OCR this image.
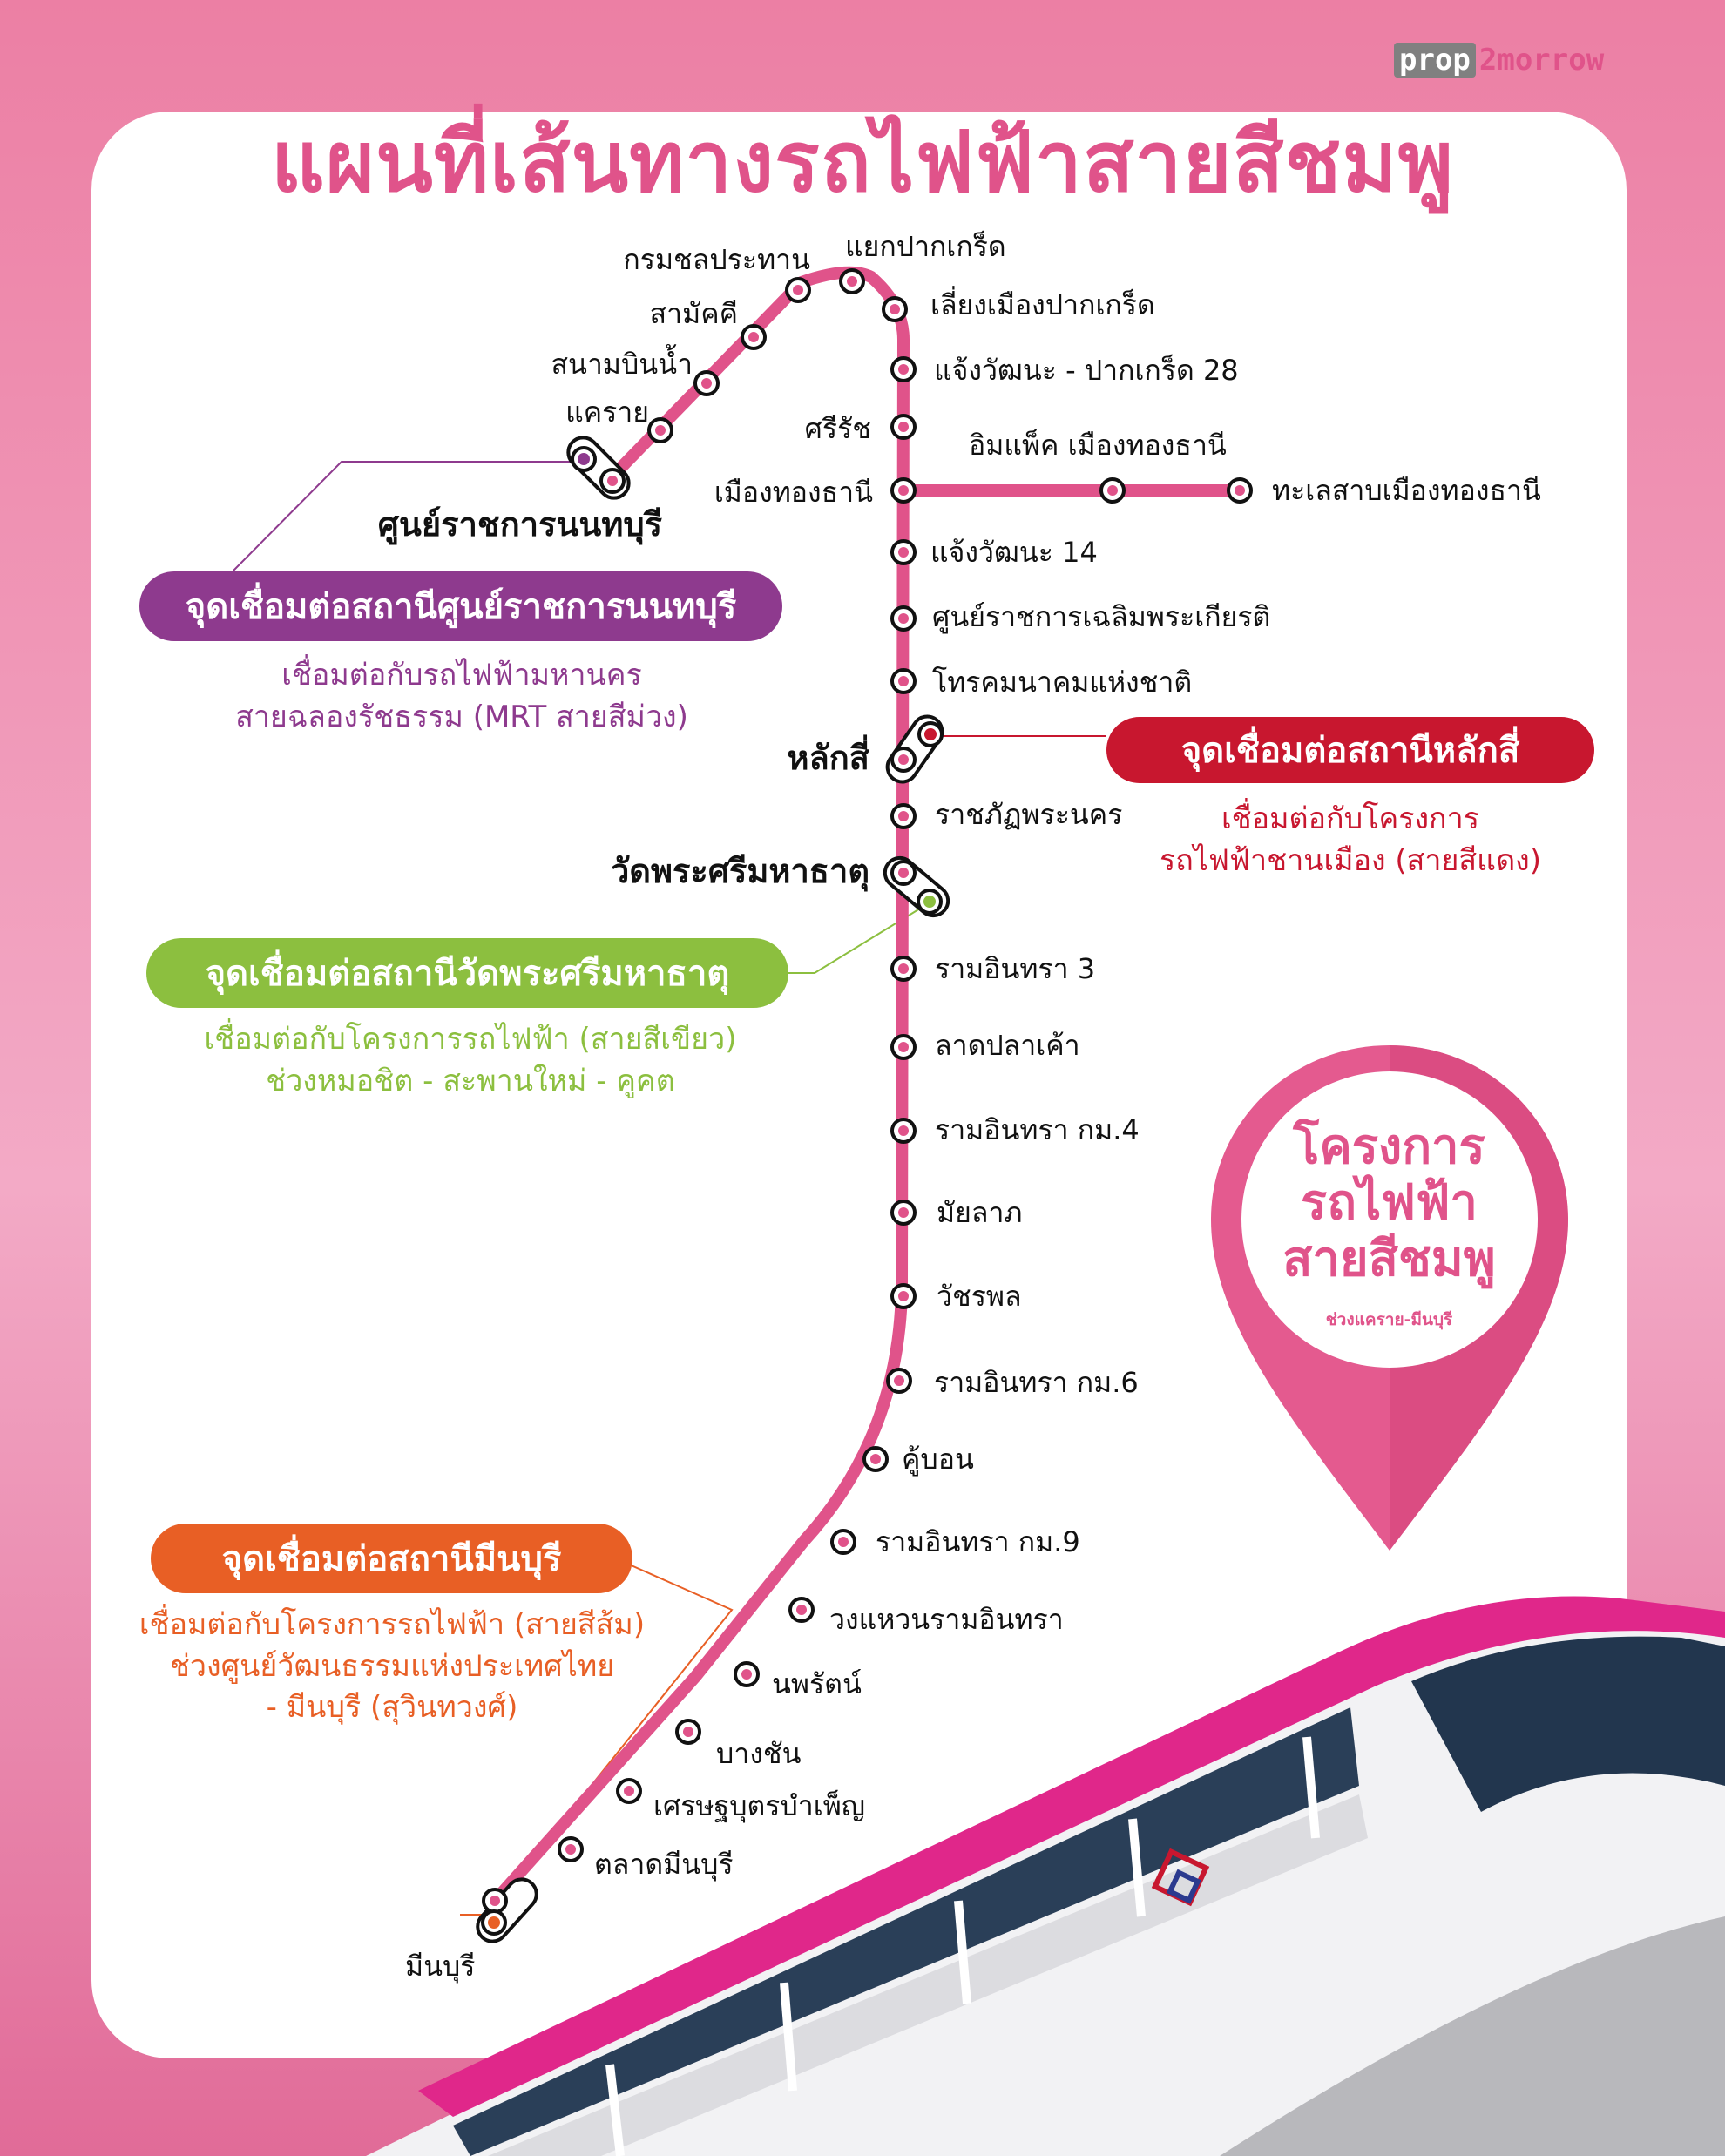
prop 2morrow
แผนที่เส้นทางรถไฟฟ้าสายสีชมพู
มีนบุรี
ตลาดมีนบุรี
เศรษฐบุตรบำเพ็ญ
บางชัน
นพรัตน์
วงแหวนรามอินทรา
รามอินทรา กม.9
คู้บอน
รามอินทรา กม.6
วัชรพล
มัยลาภ
รามอินทรา กม.4
ลาดปลาเค้า
รามอินทรา 3
วัดพระศรีมหาธาตุ
ราชภัฏพระนคร
หลักสี่
โทรคมนาคมแห่งชาติ
ศูนย์ราชการเฉลิมพระเกียรติ
แจ้งวัฒนะ 14
เมืองทองธานี
ศรีรัช
แจ้งวัฒนะ - ปากเกร็ด 28
เลี่ยงเมืองปากเกร็ด
แยกปากเกร็ด
กรมชลประทาน
สามัคคี
สนามบินน้ำ
แคราย
ศูนย์ราชการนนทบุรี
อิมแพ็ค เมืองทองธานี
ทะเลสาบเมืองทองธานี
จุดเชื่อมต่อสถานีศูนย์ราชการนนทบุรี
เชื่อมต่อกับรถไฟฟ้ามหานคร
สายฉลองรัชธรรม (MRT สายสีม่วง)
จุดเชื่อมต่อสถานีหลักสี่
เชื่อมต่อกับโครงการ
รถไฟฟ้าชานเมือง (สายสีแดง)
จุดเชื่อมต่อสถานีวัดพระศรีมหาธาตุ
เชื่อมต่อกับโครงการรถไฟฟ้า (สายสีเขียว)
ช่วงหมอชิต - สะพานใหม่ - คูคต
จุดเชื่อมต่อสถานีมีนบุรี
เชื่อมต่อกับโครงการรถไฟฟ้า (สายสีส้ม)
ช่วงศูนย์วัฒนธรรมแห่งประเทศไทย
- มีนบุรี (สุวินทวงศ์)
โครงการ
รถไฟฟ้า
สายสีชมพู
ช่วงแคราย-มีนบุรี
